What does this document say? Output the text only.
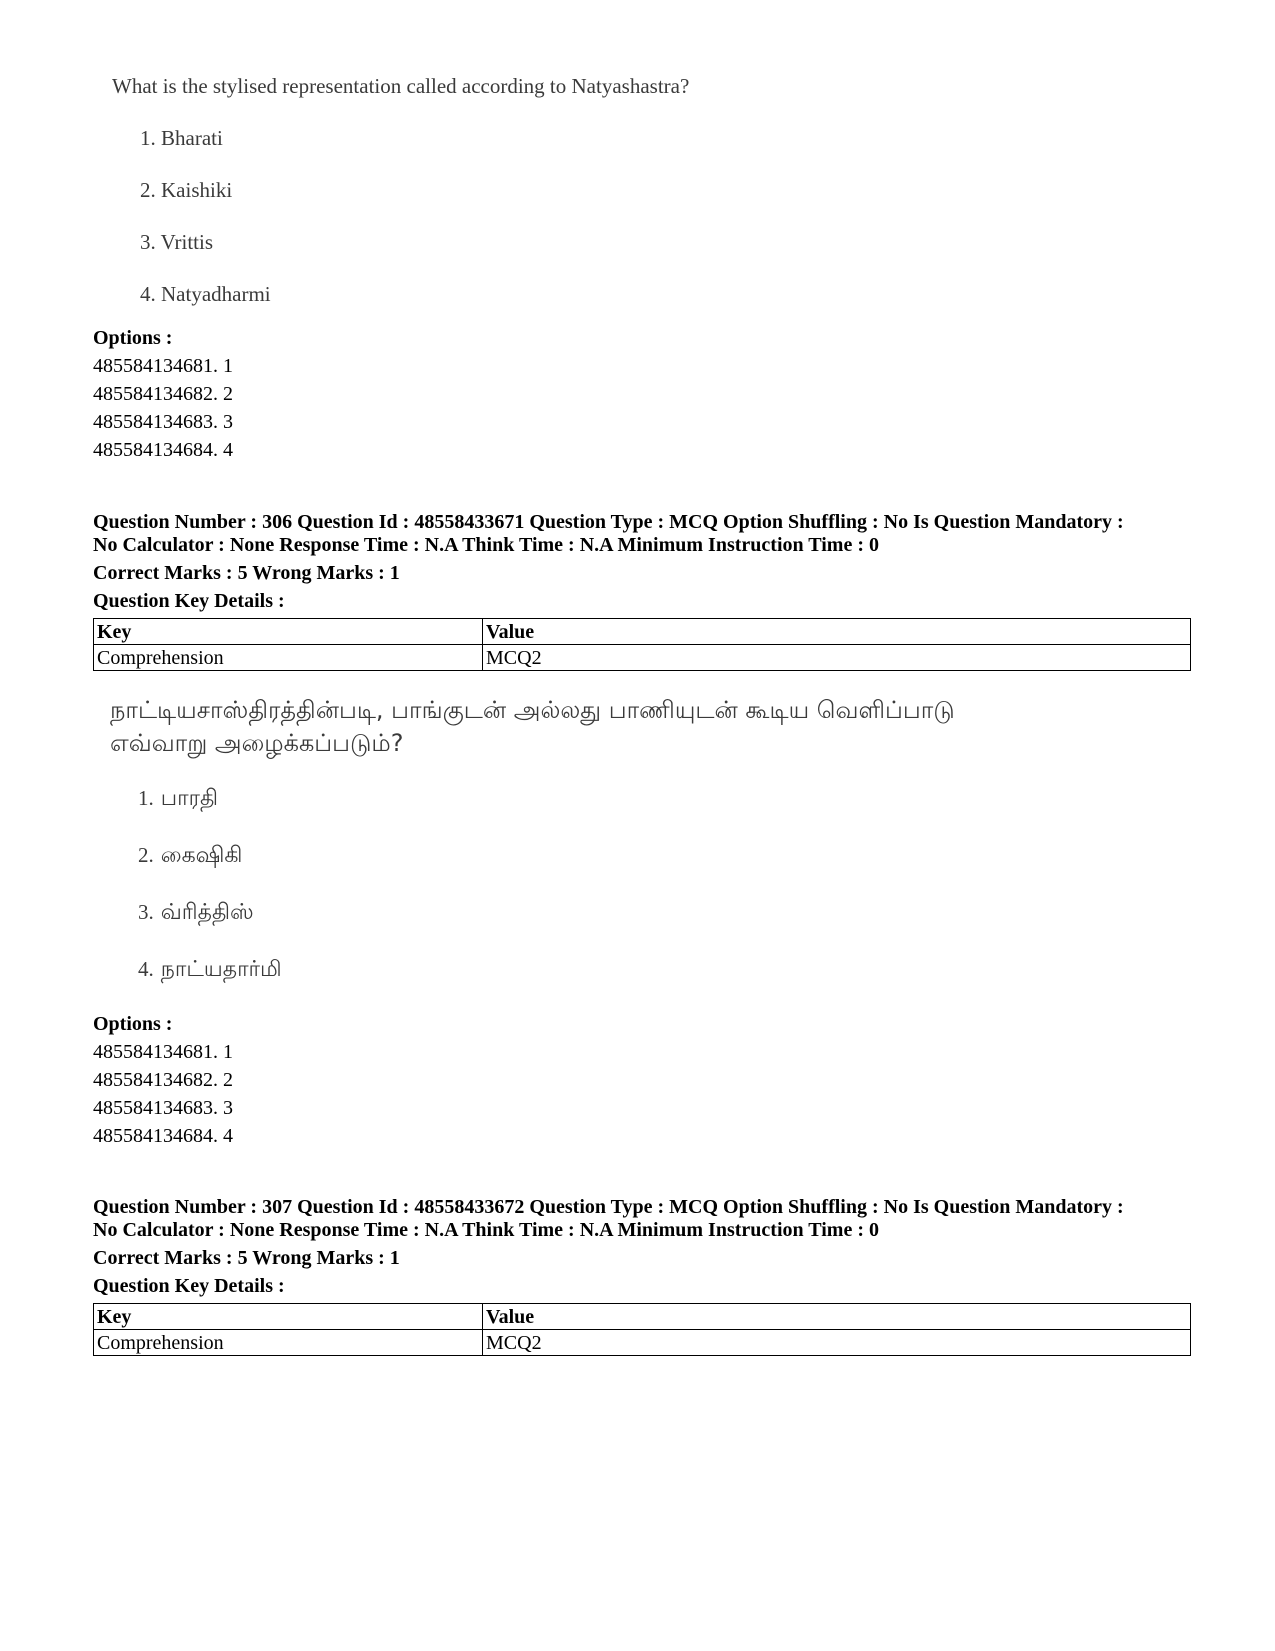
What is the stylised representation called according to Natyashastra?
1. Bharati
2. Kaishiki
3. Vrittis
4. Natyadharmi
Options :
485584134681. 1
485584134682. 2
485584134683. 3
485584134684. 4
Question Number : 306 Question Id : 48558433671 Question Type : MCQ Option Shuffling : No Is Question Mandatory :
No Calculator : None Response Time : N.A Think Time : N.A Minimum Instruction Time : 0
Correct Marks : 5 Wrong Marks : 1
Question Key Details :
Key	Value
Comprehension	MCQ2
நாட்டியசாஸ்திரத்தின்படி, பாங்குடன் அல்லது பாணியுடன் கூடிய வெளிப்பாடு
எவ்வாறு அழைக்கப்படும்?
1. பாரதி
2. கைஷிகி
3. வ்ரித்திஸ்
4. நாட்யதார்மி
Options :
485584134681. 1
485584134682. 2
485584134683. 3
485584134684. 4
Question Number : 307 Question Id : 48558433672 Question Type : MCQ Option Shuffling : No Is Question Mandatory :
No Calculator : None Response Time : N.A Think Time : N.A Minimum Instruction Time : 0
Correct Marks : 5 Wrong Marks : 1
Question Key Details :
Key	Value
Comprehension	MCQ2
